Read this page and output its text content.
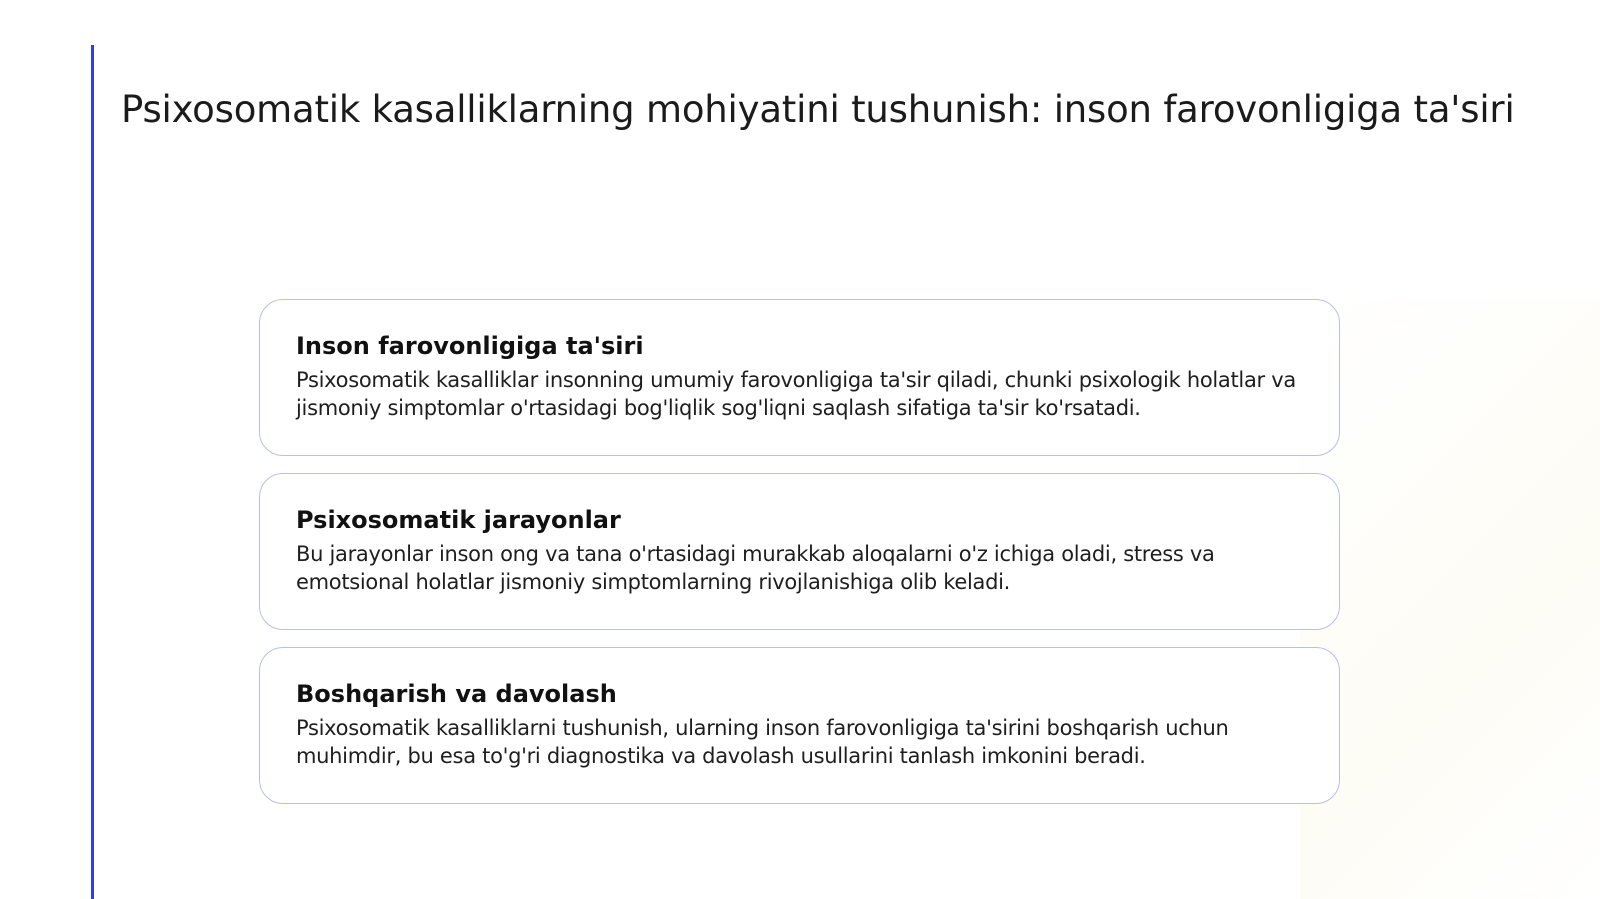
Psixosomatik kasalliklarning mohiyatini tushunish: inson farovonligiga ta'siri
Inson farovonligiga ta'siri

Psixosomatik kasalliklar insonning umumiy farovonligiga ta'sir qiladi, chunki psixologik holatlar va jismoniy simptomlar o'rtasidagi bog'liqlik sog'liqni saqlash sifatiga ta'sir ko'rsatadi.

Psixosomatik jarayonlar

Bu jarayonlar inson ong va tana o'rtasidagi murakkab aloqalarni o'z ichiga oladi, stress va emotsional holatlar jismoniy simptomlarning rivojlanishiga olib keladi.

Boshqarish va davolash

Psixosomatik kasalliklarni tushunish, ularning inson farovonligiga ta'sirini boshqarish uchun muhimdir, bu esa to'g'ri diagnostika va davolash usullarini tanlash imkonini beradi.
